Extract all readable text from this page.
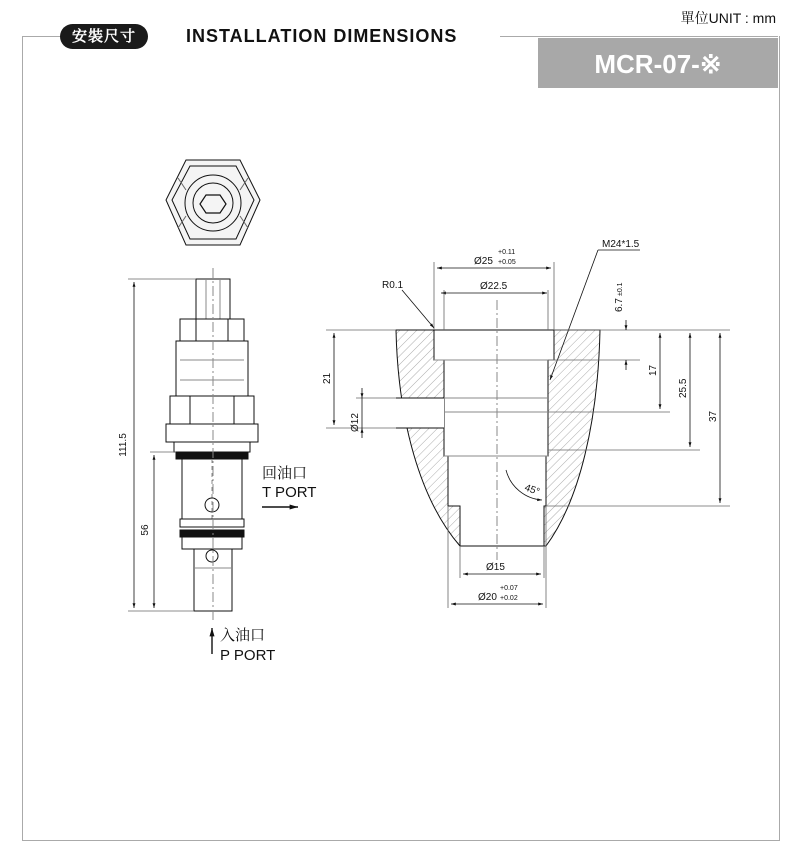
安裝尺寸	INSTALLATION DIMENSIONS
單位UNIT : mm
MCR-07-※
111.5
56
回油口
T PORT
入油口
P PORT
Ø25
+0.11
+0.05
M24*1.5
R0.1	Ø22.5
6.7
±0.1
21
Ø12
17
25.5
37
45°
Ø15
Ø20
+0.07
+0.02
